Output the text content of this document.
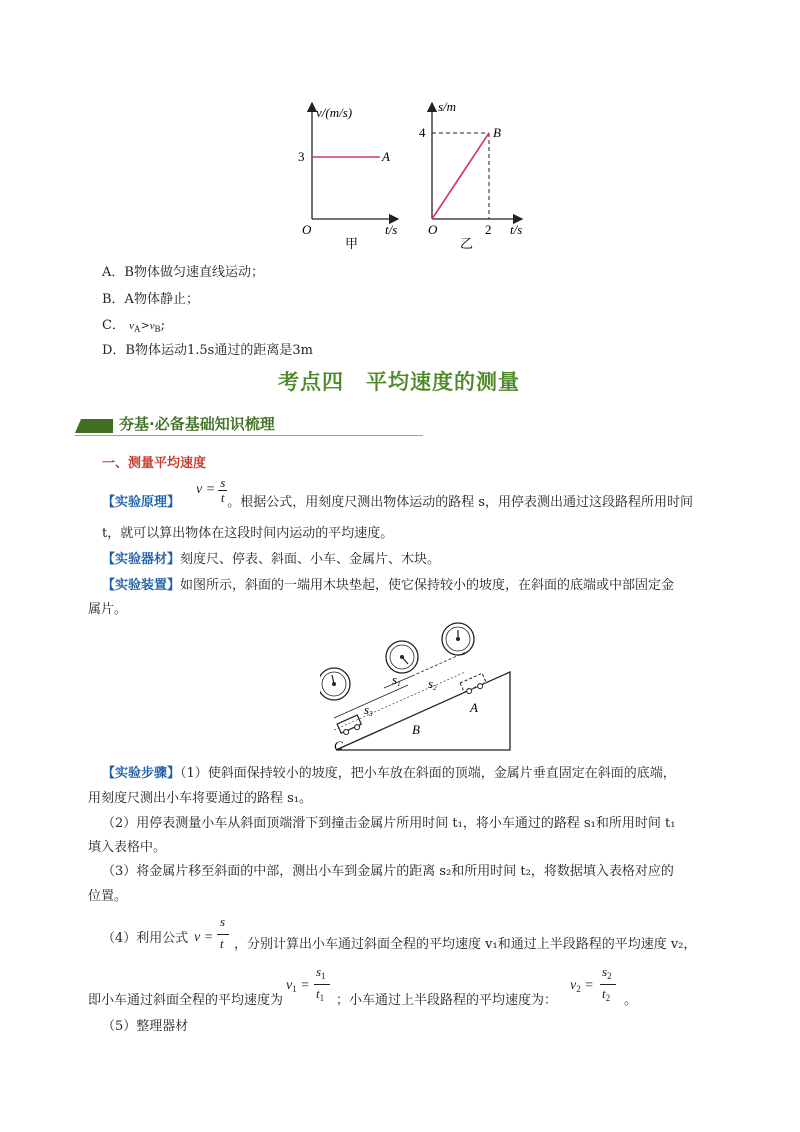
v/(m/s)
3	A
O	t/s
甲
s/m
4	B
O	2 t/s
乙
A．B物体做匀速直线运动；
B．A物体静止；
C． $v_A>v_B$;
D．B物体运动1.5s通过的距离是3m
考点四　平均速度的测量
夯基·必备基础知识梳理
一、测量平均速度
【实验原理】
$v = \frac{s}{t}$ 。根据公式，用刻度尺测出物体运动的路程 s，用停表测出通过这段路程所用时间
t，就可以算出物体在这段时间内运动的平均速度。
【实验器材】刻度尺、停表、斜面、小车、金属片、木块。
【实验装置】如图所示，斜面的一端用木块垫起，使它保持较小的坡度，在斜面的底端或中部固定金
属片。
s1 s2
s3	A
B
C
【实验步骤】（1）使斜面保持较小的坡度，把小车放在斜面的顶端，金属片垂直固定在斜面的底端，
用刻度尺测出小车将要通过的路程 s₁。
（2）用停表测量小车从斜面顶端滑下到撞击金属片所用时间 t₁，将小车通过的路程 s₁和所用时间 t₁
填入表格中。
（3）将金属片移至斜面的中部，测出小车到金属片的距离 s₂和所用时间 t₂，将数据填入表格对应的
位置。
（4）利用公式 v =
s
t ，分别计算出小车通过斜面全程的平均速度 v₁和通过上半段路程的平均速度 v₂，
即小车通过斜面全程的平均速度为
$v_1$ =
$s_1$
$t_1$ ；小车通过上半段路程的平均速度为：
$v_2$ =
$s_2$
$t_2$ 。
（5）整理器材
